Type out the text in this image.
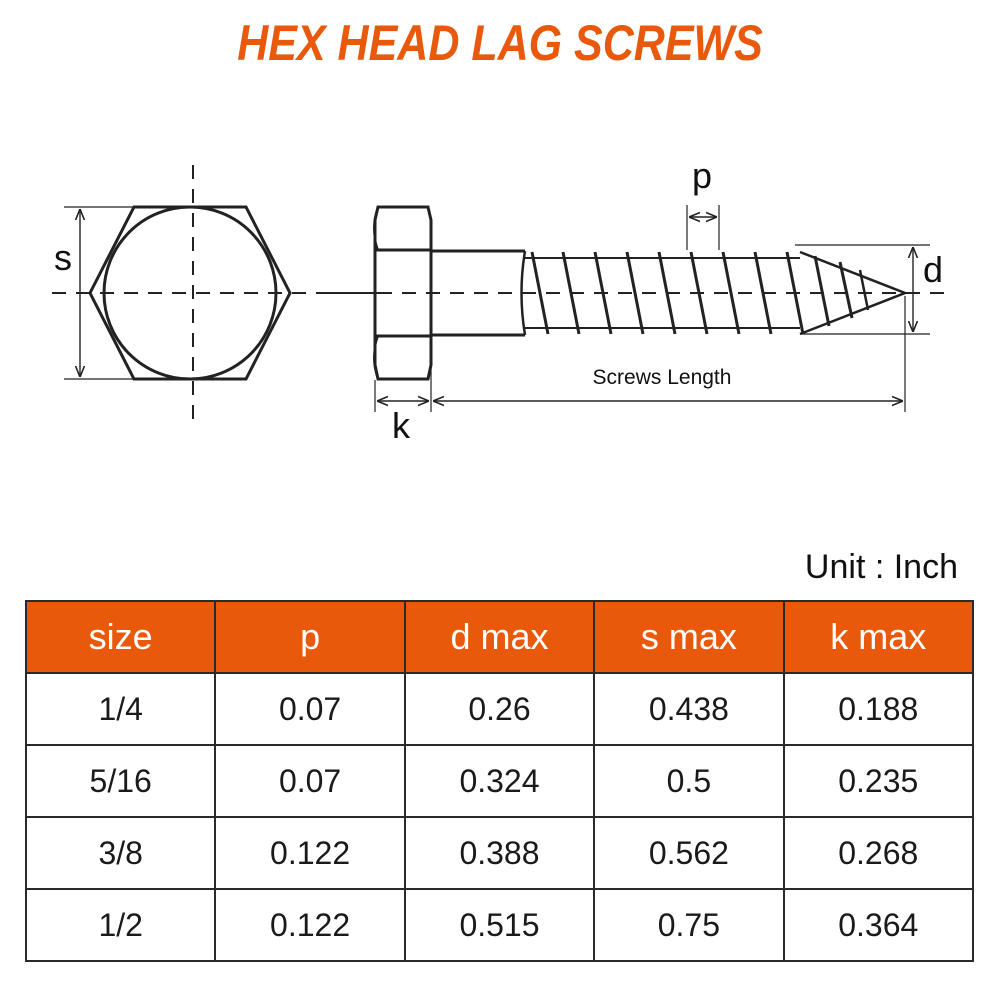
HEX HEAD LAG SCREWS
s
p
d
k
Screws Length
Unit : Inch
size	p	d max	s max	k max
1/4	0.07	0.26	0.438	0.188
5/16	0.07	0.324	0.5	0.235
3/8	0.122	0.388	0.562	0.268
1/2	0.122	0.515	0.75	0.364
